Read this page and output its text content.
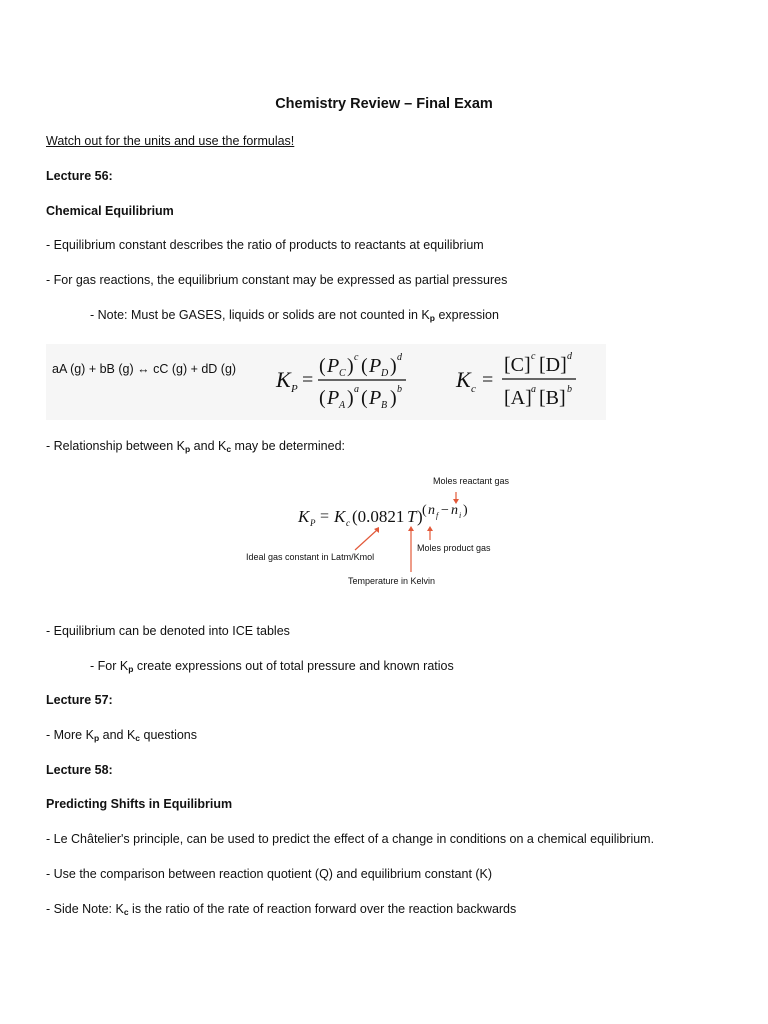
Chemistry Review – Final Exam
Watch out for the units and use the formulas!
Lecture 56:
Chemical Equilibrium
- Equilibrium constant describes the ratio of products to reactants at equilibrium
- For gas reactions, the equilibrium constant may be expressed as partial pressures
- Note: Must be GASES, liquids or solids are not counted in $K_p$ expression
aA (g) + bB (g) ↔ cC (g) + dD (g) K P =
( P C ) c ( P D ) d
( P A ) a ( P B ) b K c =
[C] c [D] d
[A] a [B] b
- Relationship between $K_p$ and $K_c$ may be determined:
K P = K c (0.0821 T ) ( n f − n i )
Moles reactant gas
Moles product gas
Ideal gas constant in Latm/Kmol
Temperature in Kelvin
- Equilibrium can be denoted into ICE tables
- For $K_p$ create expressions out of total pressure and known ratios
Lecture 57:
- More $K_p$ and $K_c$ questions
Lecture 58:
Predicting Shifts in Equilibrium
- Le Châtelier's principle, can be used to predict the effect of a change in conditions on a chemical equilibrium.
- Use the comparison between reaction quotient (Q) and equilibrium constant (K)
- Side Note: $K_c$ is the ratio of the rate of reaction forward over the reaction backwards
